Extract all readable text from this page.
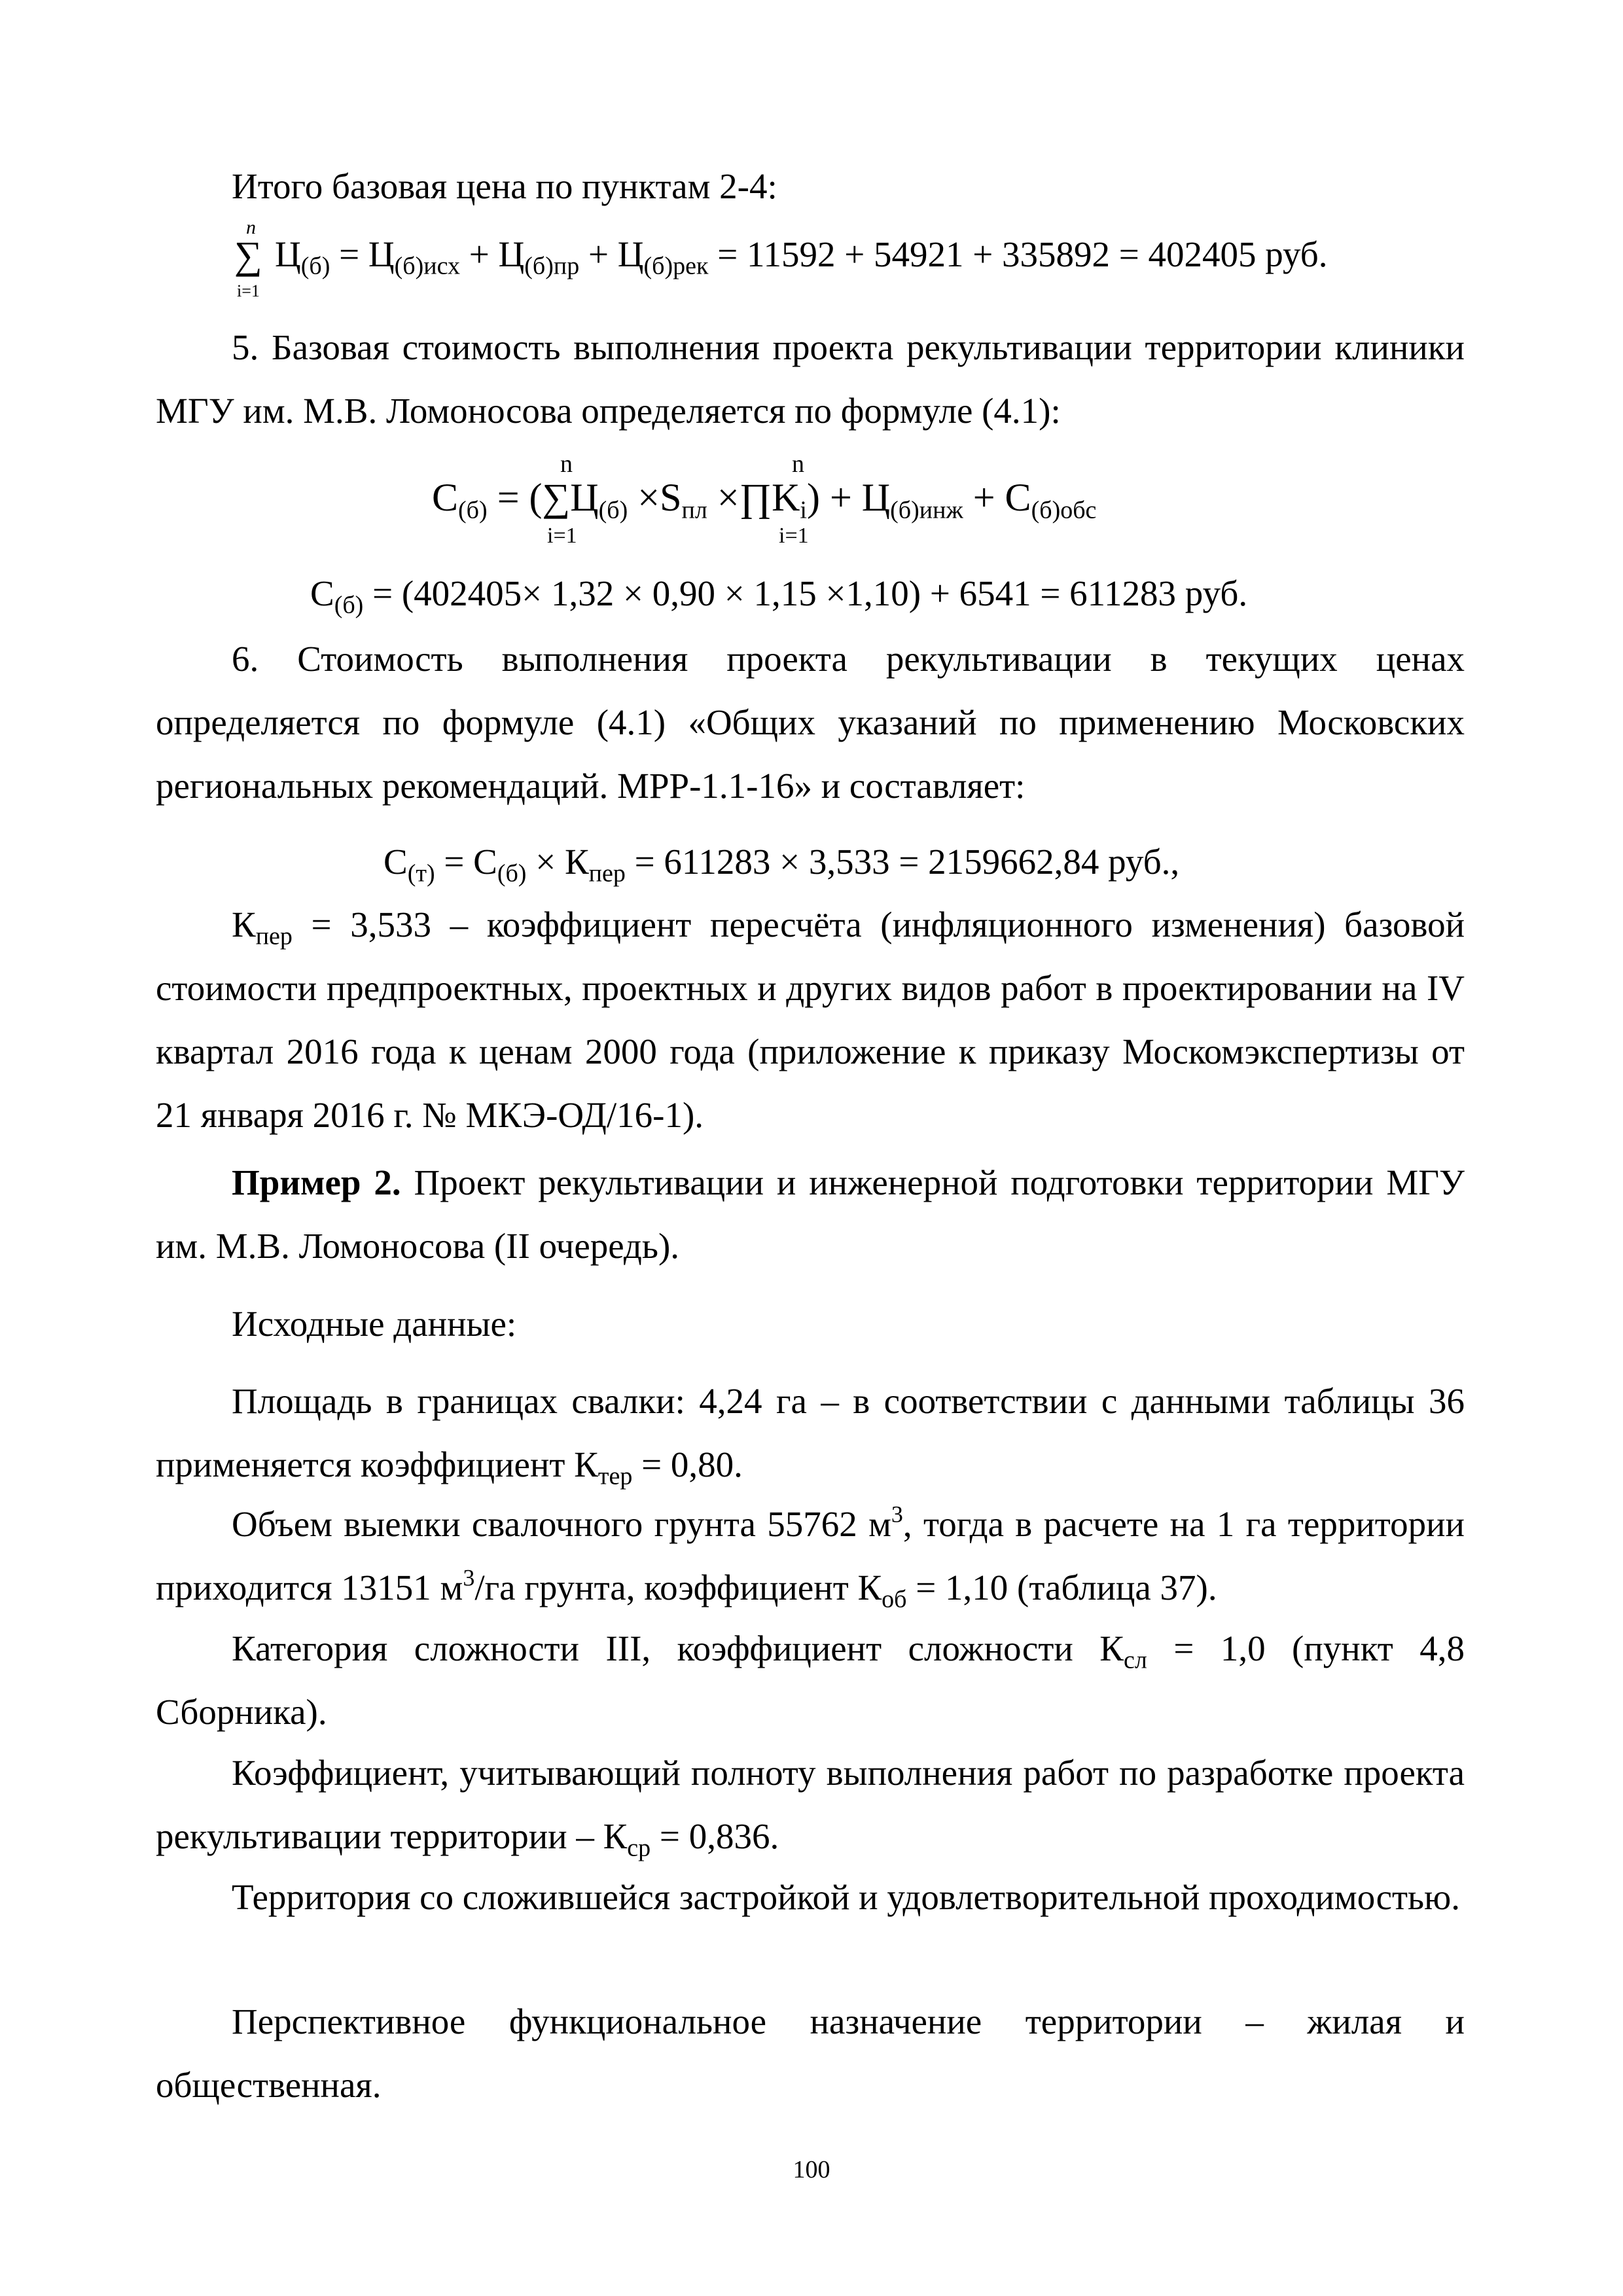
Итого базовая цена по пунктам 2-4:

n
∑
i=1
$Ц_{(б)} = Ц_{(б)исх} + Ц_{(б)пр} + Ц_{(б)рек} = 11592 + 54921 + 335892 = 402405$ руб.

5. Базовая стоимость выполнения проекта рекультивации территории клиники МГУ им. М.В. Ломоносова определяется по формуле (4.1):

n	n
i=1	i=1
$С_{(б)} = (\sum Ц_{(б)} \times S_{пл}$ $\times\prod K_i) + Ц_{(б)инж} + С_{(б)обс}$
$С_{(б)} = (402405\times 1,32 \times 0,90 \times 1,15 \times 1,10) + 6541 = 611283$ руб.

6. Стоимость выполнения проекта рекультивации в текущих ценах определяется по формуле (4.1) «Общих указаний по применению Московских региональных рекомендаций. МРР-1.1-16» и составляет:

$С_{(т)} = С_{(б)} \times К_{пер} = 611283 \times 3,533 = 2159662,84$ руб.,

$К_{пер} = 3,533$ – коэффициент пересчёта (инфляционного изменения) базовой стоимости предпроектных, проектных и других видов работ в проектировании на IV квартал 2016 года к ценам 2000 года (приложение к приказу Москомэкспертизы от 21 января 2016 г. № МКЭ-ОД/16-1).

Пример 2. Проект рекультивации и инженерной подготовки территории МГУ им. М.В. Ломоносова (II очередь).

Исходные данные:

Площадь в границах свалки: 4,24 га – в соответствии с данными таблицы 36 применяется коэффициент $К_{тер} = 0,80$.

Объем выемки свалочного грунта 55762 $м^3$, тогда в расчете на 1 га территории приходится 13151 $м^3/га$ грунта, коэффициент $К_{об} = 1,10$ (таблица 37).

Категория сложности III, коэффициент сложности $К_{сл} = 1,0$ (пункт 4,8 Сборника).

Коэффициент, учитывающий полноту выполнения работ по разработке проекта рекультивации территории – $К_{ср} = 0,836$.

Территория со сложившейся застройкой и удовлетворительной проходимостью.

Перспективное функциональное назначение территории – жилая и общественная.

100
